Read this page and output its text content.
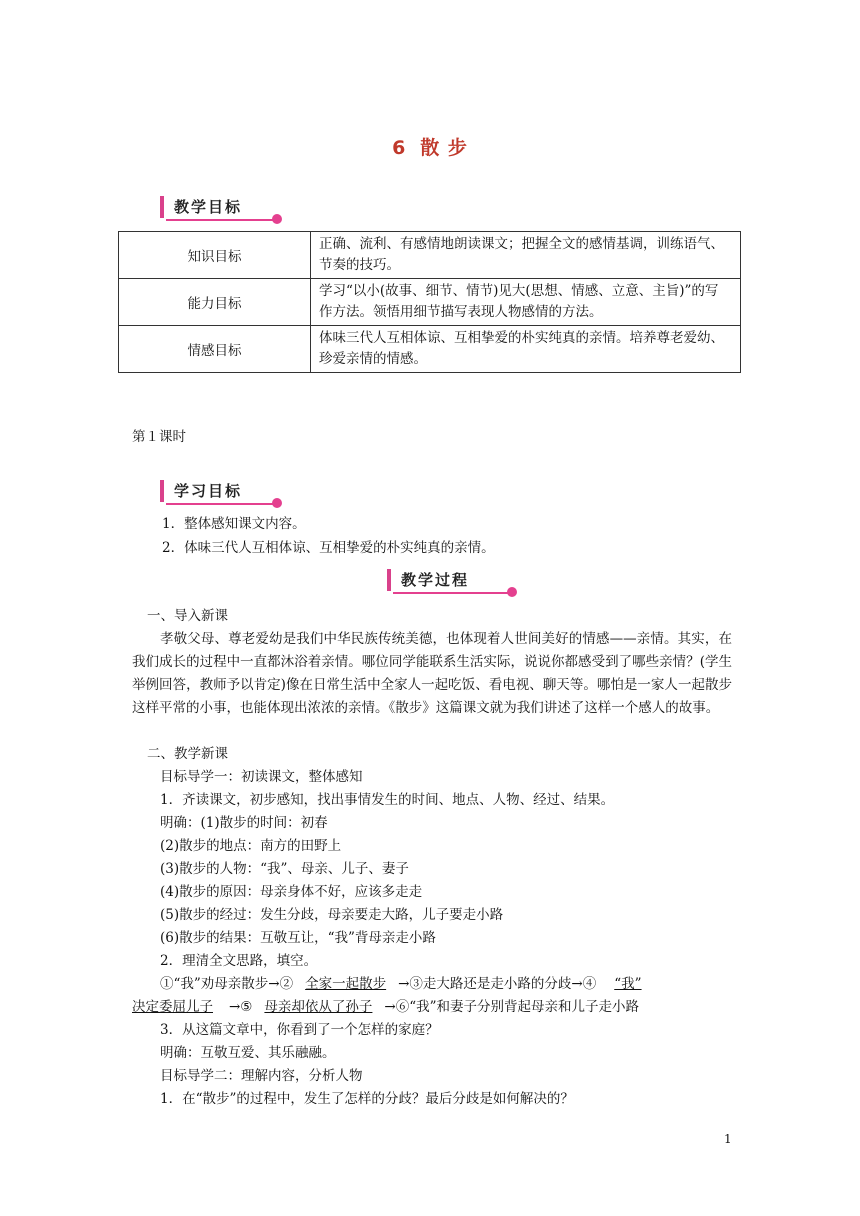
6 散 步
教学目标
知识目标	正确、流利、有感情地朗读课文；把握全文的感情基调，训练语气、节奏的技巧。
能力目标	学习“以小(故事、细节、情节)见大(思想、情感、立意、主旨)”的写作方法。领悟用细节描写表现人物感情的方法。
情感目标	体味三代人互相体谅、互相挚爱的朴实纯真的亲情。培养尊老爱幼、珍爱亲情的情感。
第１课时
学习目标
1．整体感知课文内容。
2．体味三代人互相体谅、互相挚爱的朴实纯真的亲情。
教学过程
一、导入新课
孝敬父母、尊老爱幼是我们中华民族传统美德，也体现着人世间美好的情感——亲情。其实，在我们成长的过程中一直都沐浴着亲情。哪位同学能联系生活实际，说说你都感受到了哪些亲情？(学生举例回答，教师予以肯定)像在日常生活中全家人一起吃饭、看电视、聊天等。哪怕是一家人一起散步这样平常的小事，也能体现出浓浓的亲情。《散步》这篇课文就为我们讲述了这样一个感人的故事。
二、教学新课
目标导学一：初读课文，整体感知
1．齐读课文，初步感知，找出事情发生的时间、地点、人物、经过、结果。
明确：(1)散步的时间：初春
(2)散步的地点：南方的田野上
(3)散步的人物：“我”、母亲、儿子、妻子
(4)散步的原因：母亲身体不好，应该多走走
(5)散步的经过：发生分歧，母亲要走大路，儿子要走小路
(6)散步的结果：互敬互让，“我”背母亲走小路
2．理清全文思路，填空。
①“我”劝母亲散步→② 全家一起散步 →③走大路还是走小路的分歧→④ “我”
决定委屈儿子 →⑤ 母亲却依从了孙子 →⑥“我”和妻子分别背起母亲和儿子走小路
3．从这篇文章中，你看到了一个怎样的家庭？
明确：互敬互爱、其乐融融。
目标导学二：理解内容，分析人物
1．在“散步”的过程中，发生了怎样的分歧？最后分歧是如何解决的？
1
